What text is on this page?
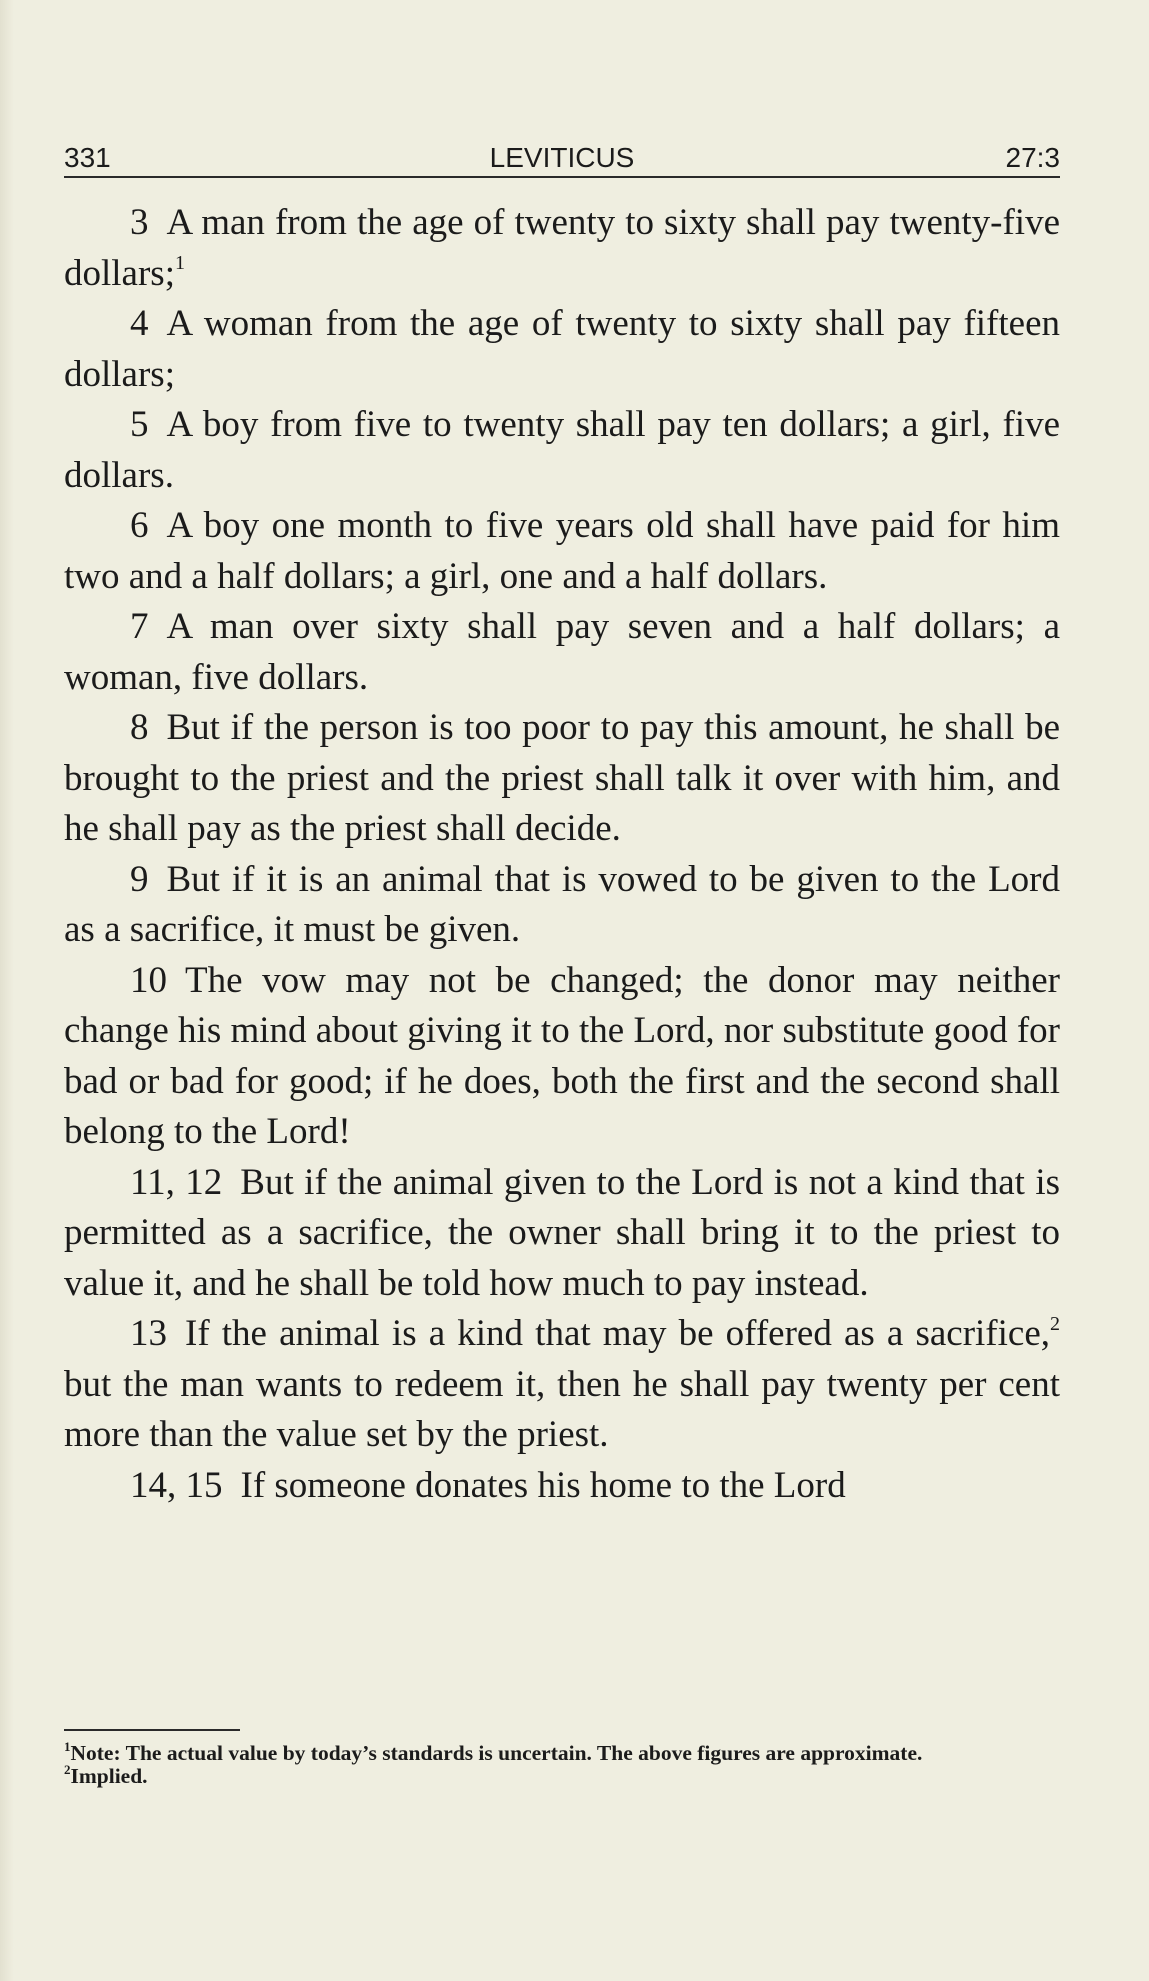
331	LEVITICUS	27:3

3 A man from the age of twenty to sixty shall pay twenty-five dollars;$^1$

4 A woman from the age of twenty to sixty shall pay fifteen dollars;

5 A boy from five to twenty shall pay ten dollars; a girl, five dollars.

6 A boy one month to five years old shall have paid for him two and a half dollars; a girl, one and a half dollars.

7 A man over sixty shall pay seven and a half dollars; a woman, five dollars.

8 But if the person is too poor to pay this amount, he shall be brought to the priest and the priest shall talk it over with him, and he shall pay as the priest shall decide.

9 But if it is an animal that is vowed to be given to the Lord as a sacrifice, it must be given.

10 The vow may not be changed; the donor may neither change his mind about giving it to the Lord, nor substitute good for bad or bad for good; if he does, both the first and the second shall belong to the Lord!

11, 12 But if the animal given to the Lord is not a kind that is permitted as a sacrifice, the owner shall bring it to the priest to value it, and he shall be told how much to pay instead.

13 If the animal is a kind that may be offered as a sacrifice,$^2$ but the man wants to redeem it, then he shall pay twenty per cent more than the value set by the priest.

14, 15 If someone donates his home to the Lord

$^1$Note: The actual value by today’s standards is uncertain. The above figures are approximate.

$^2$Implied.
